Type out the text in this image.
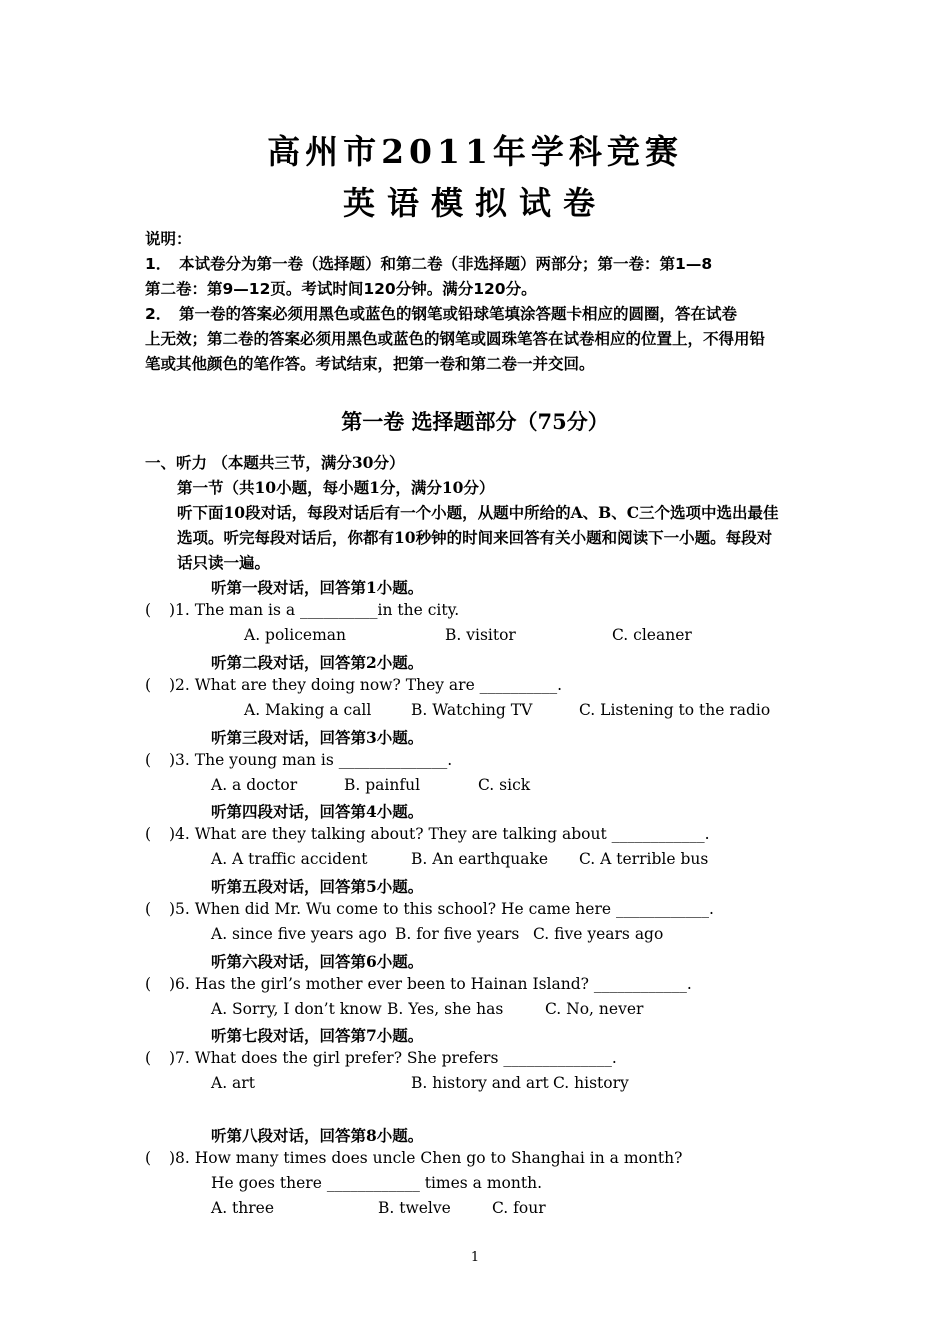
高州市2011年学科竞赛
英语模拟试卷
说明：
1．　本试卷分为第一卷（选择题）和第二卷（非选择题）两部分；第一卷：第1—8
第二卷：第9—12页。考试时间120分钟。满分120分。
2．　第一卷的答案必须用黑色或蓝色的钢笔或铅球笔填涂答题卡相应的圆圈，答在试卷
上无效；第二卷的答案必须用黑色或蓝色的钢笔或圆珠笔答在试卷相应的位置上，不得用铅
笔或其他颜色的笔作答。考试结束，把第一卷和第二卷一并交回。
第一卷 选择题部分（75分）
一、听力 （本题共三节，满分30分）
第一节（共10小题，每小题1分，满分10分）
听下面10段对话，每段对话后有一个小题，从题中所给的A、B、C三个选项中选出最佳
选项。听完每段对话后，你都有10秒钟的时间来回答有关小题和阅读下一小题。每段对
话只读一遍。
听第一段对话，回答第1小题。
( )1. The man is a __________in the city.
A. policeman	B. visitor	C. cleaner
听第二段对话，回答第2小题。
( )2. What are they doing now? They are __________.
A. Making a call	B. Watching TV	C. Listening to the radio
听第三段对话，回答第3小题。
( )3. The young man is ______________.
A. a doctor	B. painful	C. sick
听第四段对话，回答第4小题。
( )4. What are they talking about? They are talking about ____________.
A. A traffic accident	B. An earthquake C. A terrible bus
听第五段对话，回答第5小题。
( )5. When did Mr. Wu come to this school? He came here ____________.
A. since five years ago B. for five years C. five years ago
听第六段对话，回答第6小题。
( )6. Has the girl’s mother ever been to Hainan Island? ____________.
A. Sorry, I don’t know B. Yes, she has	C. No, never
听第七段对话，回答第7小题。
( )7. What does the girl prefer? She prefers ______________.
A. art	B. history and art C. history
听第八段对话，回答第8小题。
( )8. How many times does uncle Chen go to Shanghai in a month?
He goes there ____________ times a month.
A. three	B. twelve	C. four
1
